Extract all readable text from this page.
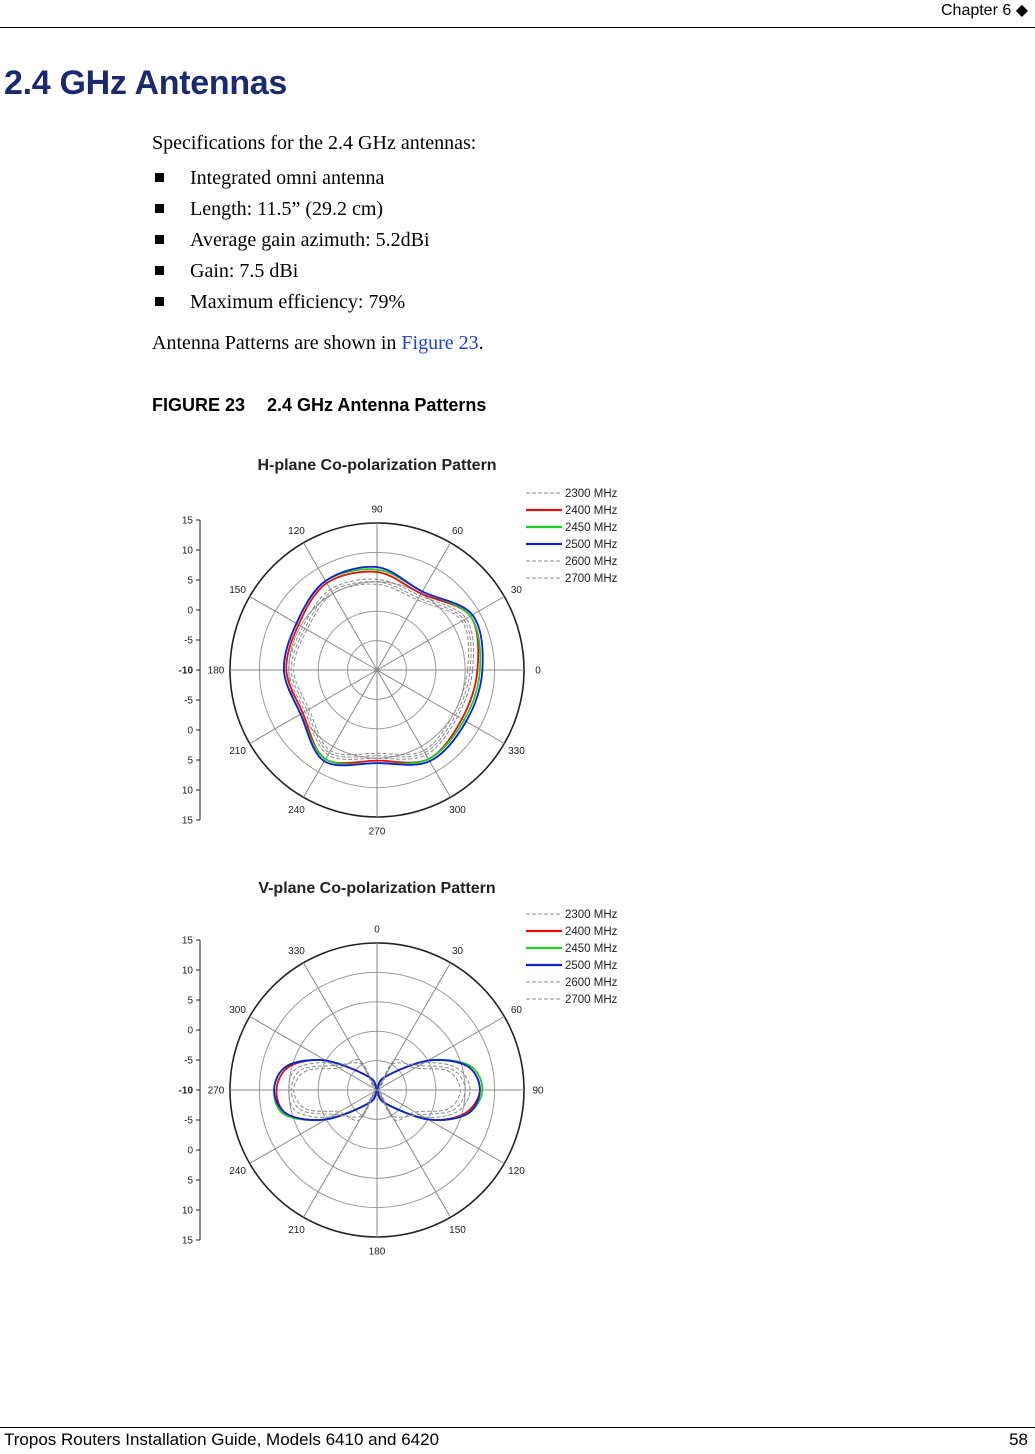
Chapter 6 ◆
2.4 GHz Antennas
Specifications for the 2.4 GHz antennas:
Integrated omni antenna
Length: 11.5” (29.2 cm)
Average gain azimuth: 5.2dBi
Gain: 7.5 dBi
Maximum efficiency: 79%
Antenna Patterns are shown in Figure 23.
FIGURE 23 2.4 GHz Antenna Patterns
H-plane Co-polarization Pattern
90
60
30
0
330
300
270
240
210
180
150
120
15
10
5
0
-5
-10
-5
0
5
10
15
2300 MHz
2400 MHz
2450 MHz
2500 MHz
2600 MHz
2700 MHz
V-plane Co-polarization Pattern
0
30
60
90
120
150
180
210
240
270
300
330
15
10
5
0
-5
-10
-5
0
5
10
15
2300 MHz
2400 MHz
2450 MHz
2500 MHz
2600 MHz
2700 MHz
Tropos Routers Installation Guide, Models 6410 and 6420	58
